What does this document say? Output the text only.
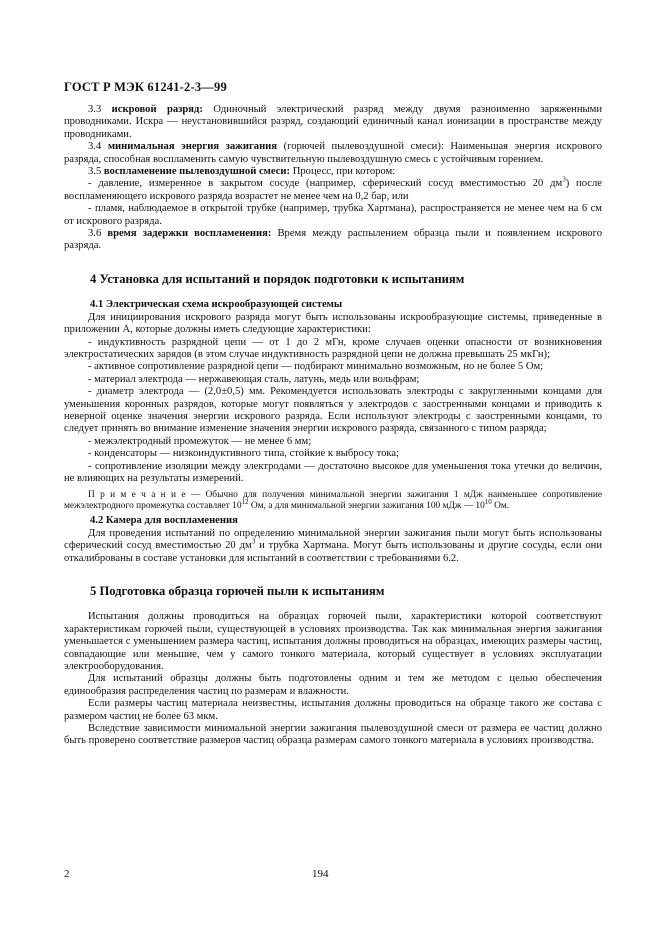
ГОСТ Р МЭК 61241-2-3—99

3.3 искровой разряд: Одиночный электрический разряд между двумя разноименно заряженными проводниками. Искра — неустановившийся разряд, создающий единичный канал ионизации в пространстве между проводниками.

3.4 минимальная энергия зажигания (горючей пылевоздушной смеси): Наименьшая энергия искрового разряда, способная воспламенить самую чувствительную пылевоздушную смесь с устойчивым горением.

3.5 воспламенение пылевоздушной смеси: Процесс, при котором:

- давление, измеренное в закрытом сосуде (например, сферический сосуд вместимостью 20 $дм^3$) после воспламеняющего искрового разряда возрастет не менее чем на 0,2 бар, или

- пламя, наблюдаемое в открытой трубке (например, трубка Хартмана), распространяется не менее чем на 6 см от искрового разряда.

3.6 время задержки воспламенения: Время между распылением образца пыли и появлением искрового разряда.

4 Установка для испытаний и порядок подготовки к испытаниям

4.1 Электрическая схема искрообразующей системы

Для инициирования искрового разряда могут быть использованы искрообразующие системы, приведенные в приложении А, которые должны иметь следующие характеристики:

- индуктивность разрядной цепи — от 1 до 2 мГн, кроме случаев оценки опасности от возникновения электростатических зарядов (в этом случае индуктивность разрядной цепи не должна превышать 25 мкГн);

- активное сопротивление разрядной цепи — подбирают минимально возможным, но не более 5 Ом;

- материал электрода — нержавеющая сталь, латунь, медь или вольфрам;

- диаметр электрода — (2,0±0,5) мм. Рекомендуется использовать электроды с закругленными концами для уменьшения коронных разрядов, которые могут появляться у электродов с заостренными концами и приводить к неверной оценке значения энергии искрового разряда. Если используют электроды с заостренными концами, то следует принять во внимание изменение значения энергии искрового разряда, связанного с типом разряда;

- межэлектродный промежуток — не менее 6 мм;

- конденсаторы — низкоиндуктивного типа, стойкие к выбросу тока;

- сопротивление изоляции между электродами — достаточно высокое для уменьшения тока утечки до величин, не влияющих на результаты измерений.

П р и м е ч а н и е — Обычно для получения минимальной энергии зажигания 1 мДж наименьшее сопротивление межэлектродного промежутка составляет $10^{12}$ Ом, а для минимальной энергии зажигания 100 мДж — $10^{10}$ Ом.

4.2 Камера для воспламенения

Для проведения испытаний по определению минимальной энергии зажигания пыли могут быть использованы сферический сосуд вместимостью 20 $дм^3$ и трубка Хартмана. Могут быть использованы и другие сосуды, если они откалиброваны в составе установки для испытаний в соответствии с требованиями 6.2.

5 Подготовка образца горючей пыли к испытаниям

Испытания должны проводиться на образцах горючей пыли, характеристики которой соответствуют характеристикам горючей пыли, существующей в условиях производства. Так как минимальная энергия зажигания уменьшается с уменьшением размера частиц, испытания должны проводиться на образцах, имеющих размеры частиц, совпадающие или меньшие, чем у самого тонкого материала, который существует в условиях эксплуатации электрооборудования.

Для испытаний образцы должны быть подготовлены одним и тем же методом с целью обеспечения единообразия распределения частиц по размерам и влажности.

Если размеры частиц материала неизвестны, испытания должны проводиться на образце такого же состава с размером частиц не более 63 мкм.

Вследствие зависимости минимальной энергии зажигания пылевоздушной смеси от размера ее частиц должно быть проверено соответствие размеров частиц образца размерам самого тонкого материала в условиях производства.

2	194
